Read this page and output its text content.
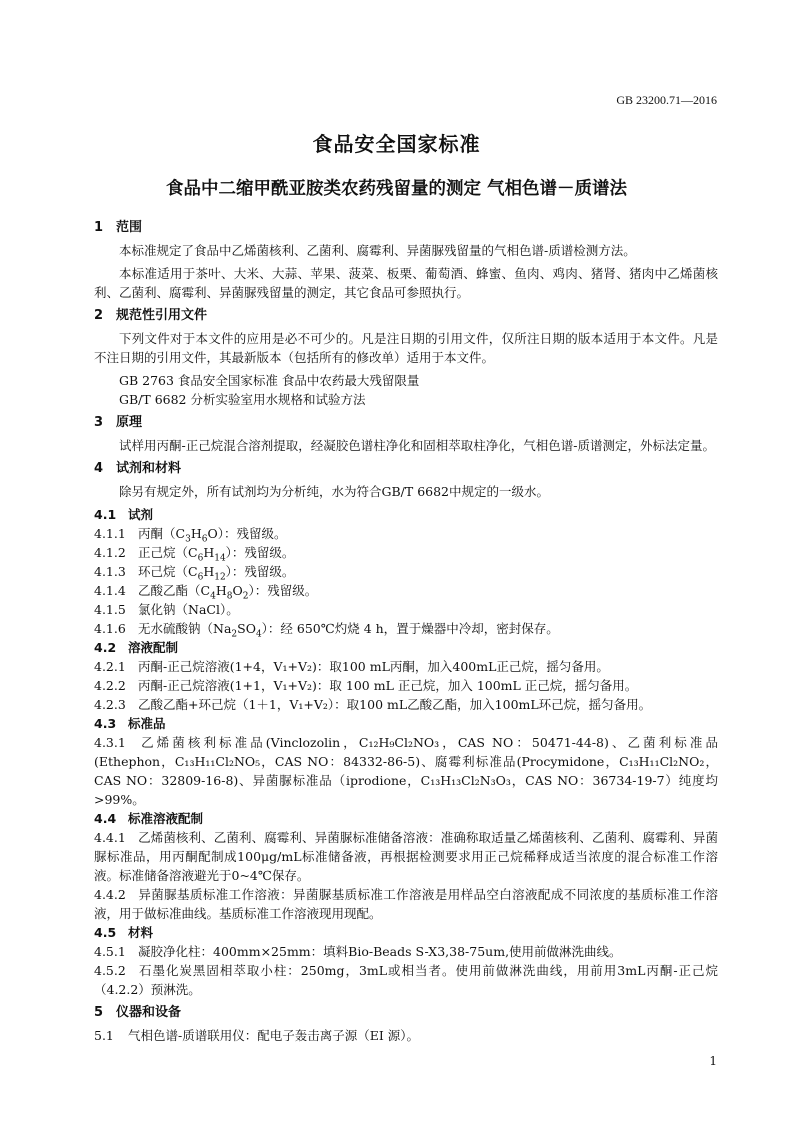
GB 23200.71—2016
食品安全国家标准
食品中二缩甲酰亚胺类农药残留量的测定 气相色谱－质谱法
1 范围
本标准规定了食品中乙烯菌核利、乙菌利、腐霉利、异菌脲残留量的气相色谱-质谱检测方法。
本标准适用于茶叶、大米、大蒜、苹果、菠菜、板栗、葡萄酒、蜂蜜、鱼肉、鸡肉、猪肾、猪肉中乙烯菌核利、乙菌利、腐霉利、异菌脲残留量的测定，其它食品可参照执行。
2 规范性引用文件
下列文件对于本文件的应用是必不可少的。凡是注日期的引用文件，仅所注日期的版本适用于本文件。凡是不注日期的引用文件，其最新版本（包括所有的修改单）适用于本文件。
GB 2763 食品安全国家标准 食品中农药最大残留限量
GB/T 6682 分析实验室用水规格和试验方法
3 原理
试样用丙酮-正己烷混合溶剂提取，经凝胶色谱柱净化和固相萃取柱净化，气相色谱-质谱测定，外标法定量。
4 试剂和材料
除另有规定外，所有试剂均为分析纯，水为符合GB/T 6682中规定的一级水。
4.1 试剂
4.1.1 丙酮$(C_3H_6O)$：残留级。
4.1.2 正己烷$(C_6H_{14})$：残留级。
4.1.3 环己烷$(C_6H_{12})$：残留级。
4.1.4 乙酸乙酯$(C_4H_8O_2)$：残留级。
4.1.5 氯化钠（NaCl）。
4.1.6 无水硫酸钠$(Na_2SO_4)$：经 650℃灼烧 4 h，置于燥器中冷却，密封保存。
4.2 溶液配制
4.2.1 丙酮-正己烷溶液(1+4，V₁+V₂)：取100 mL丙酮，加入400mL正己烷，摇匀备用。
4.2.2 丙酮-正己烷溶液(1+1，V₁+V₂)：取 100 mL 正己烷，加入 100mL 正己烷，摇匀备用。
4.2.3 乙酸乙酯+环己烷（1＋1，V₁+V₂）：取100 mL乙酸乙酯，加入100mL环己烷，摇匀备用。
4.3 标准品
4.3.1 乙烯菌核利标准品(Vinclozolin，C₁₂H₉Cl₂NO₃，CAS NO：50471-44-8)、乙菌利标准品(Ethephon，C₁₃H₁₁Cl₂NO₅，CAS NO：84332-86-5)、腐霉利标准品(Procymidone，C₁₃H₁₁Cl₂NO₂，CAS NO：32809-16-8)、异菌脲标准品（iprodione，C₁₃H₁₃Cl₂N₃O₃，CAS NO：36734-19-7）纯度均>99%。
4.4 标准溶液配制
4.4.1 乙烯菌核利、乙菌利、腐霉利、异菌脲标准储备溶液：准确称取适量乙烯菌核利、乙菌利、腐霉利、异菌脲标准品，用丙酮配制成100μg/mL标准储备液，再根据检测要求用正己烷稀释成适当浓度的混合标准工作溶液。标准储备溶液避光于0~4℃保存。
4.4.2 异菌脲基质标准工作溶液：异菌脲基质标准工作溶液是用样品空白溶液配成不同浓度的基质标准工作溶液，用于做标准曲线。基质标准工作溶液现用现配。
4.5 材料
4.5.1 凝胶净化柱：400mm×25mm：填料Bio-Beads S-X3,38-75um,使用前做淋洗曲线。
4.5.2 石墨化炭黑固相萃取小柱：250mg，3mL或相当者。使用前做淋洗曲线，用前用3mL丙酮-正己烷（4.2.2）预淋洗。
5 仪器和设备
5.1 气相色谱-质谱联用仪：配电子轰击离子源（EI 源）。
1
